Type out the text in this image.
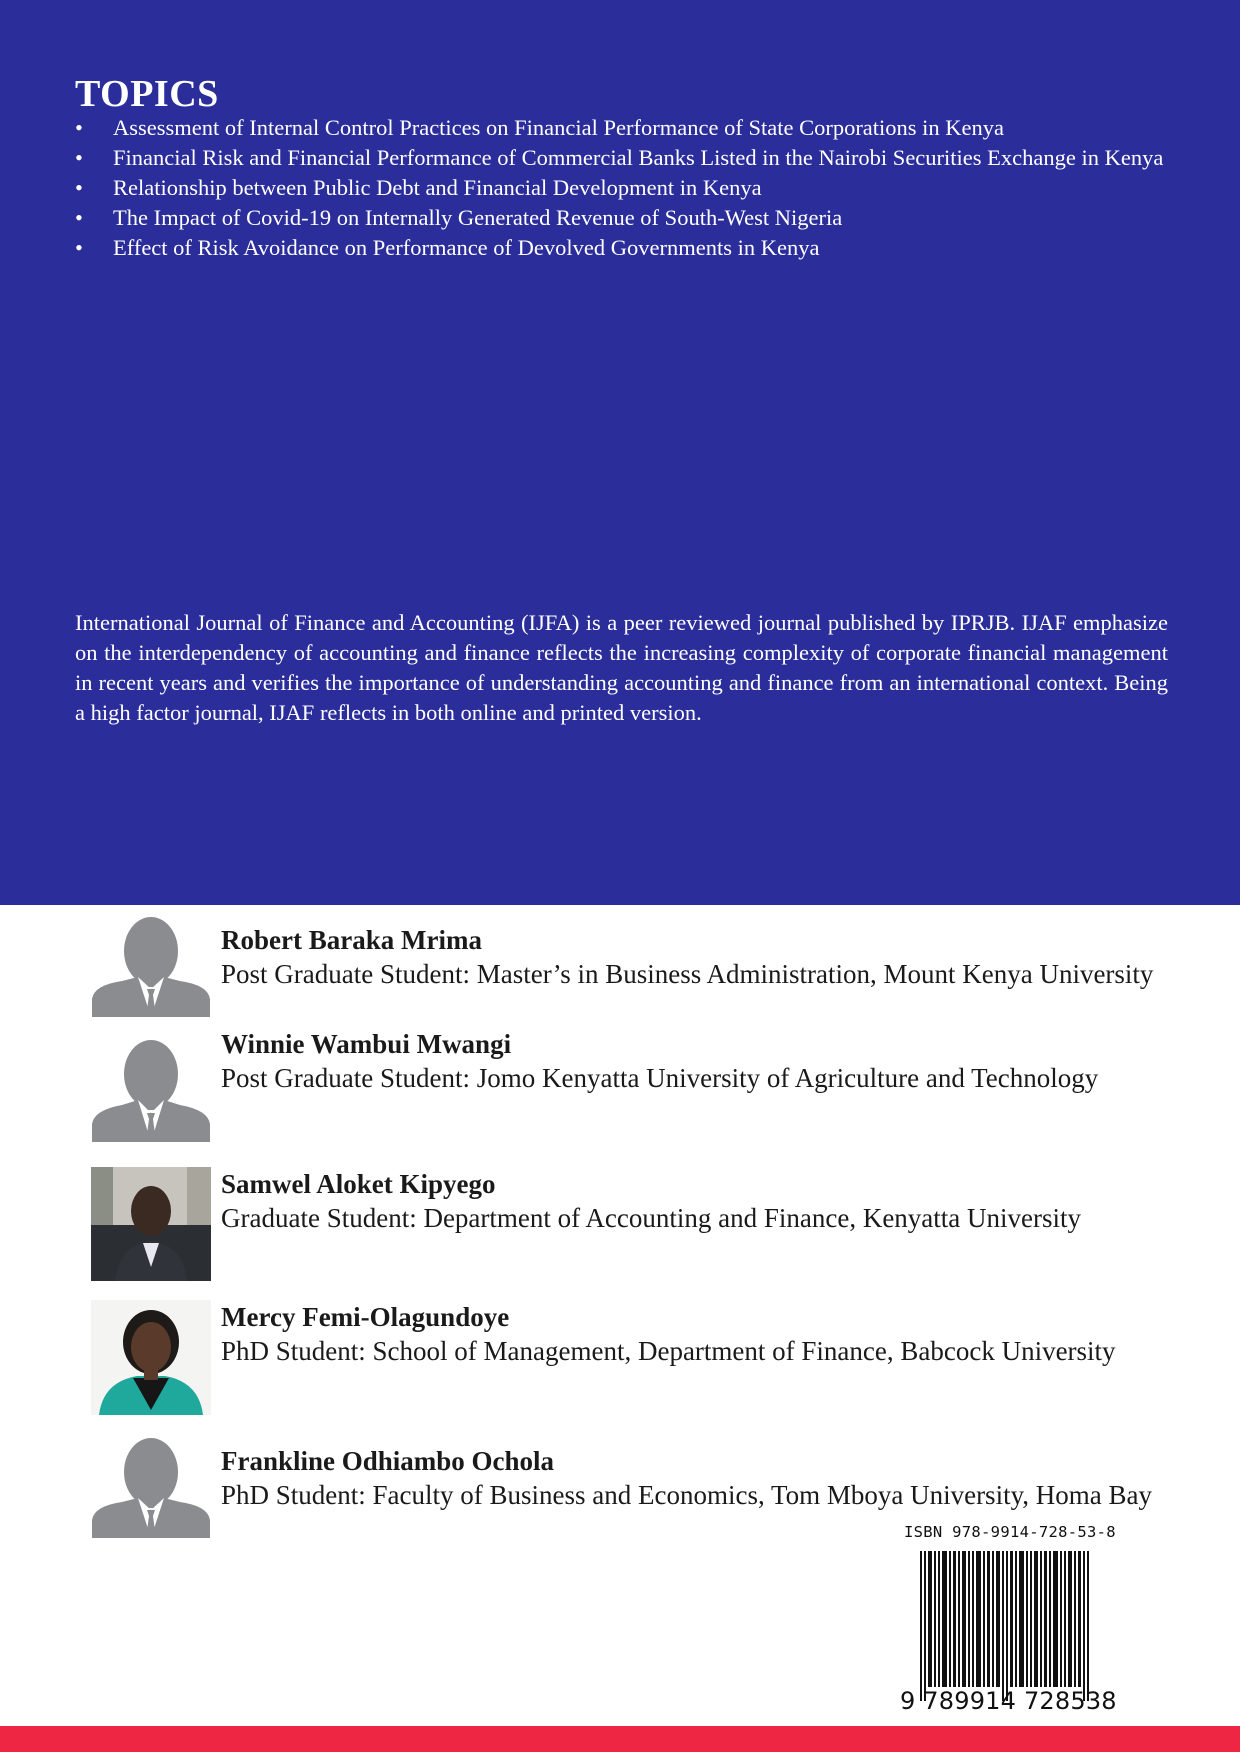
TOPICS
•	Assessment of Internal Control Practices on Financial Performance of State Corporations in Kenya
•	Financial Risk and Financial Performance of Commercial Banks Listed in the Nairobi Securities Exchange in Kenya
•	Relationship between Public Debt and Financial Development in Kenya
•	The Impact of Covid-19 on Internally Generated Revenue of South-West Nigeria
•	Effect of Risk Avoidance on Performance of Devolved Governments in Kenya

International Journal of Finance and Accounting (IJFA) is a peer reviewed journal published by IPRJB. IJAF emphasize on the interdependency of accounting and finance reflects the increasing complexity of corporate financial management in recent years and verifies the importance of understanding accounting and finance from an international context. Being a high factor journal, IJAF reflects in both online and printed version.

Robert Baraka Mrima
Post Graduate Student: Master’s in Business Administration, Mount Kenya University
Winnie Wambui Mwangi
Post Graduate Student: Jomo Kenyatta University of Agriculture and Technology
Samwel Aloket Kipyego
Graduate Student: Department of Accounting and Finance, Kenyatta University
Mercy Femi-Olagundoye
PhD Student: School of Management, Department of Finance, Babcock University
Frankline Odhiambo Ochola
PhD Student: Faculty of Business and Economics, Tom Mboya University, Homa Bay

ISBN 978-9914-728-53-8

9 789914 728538
